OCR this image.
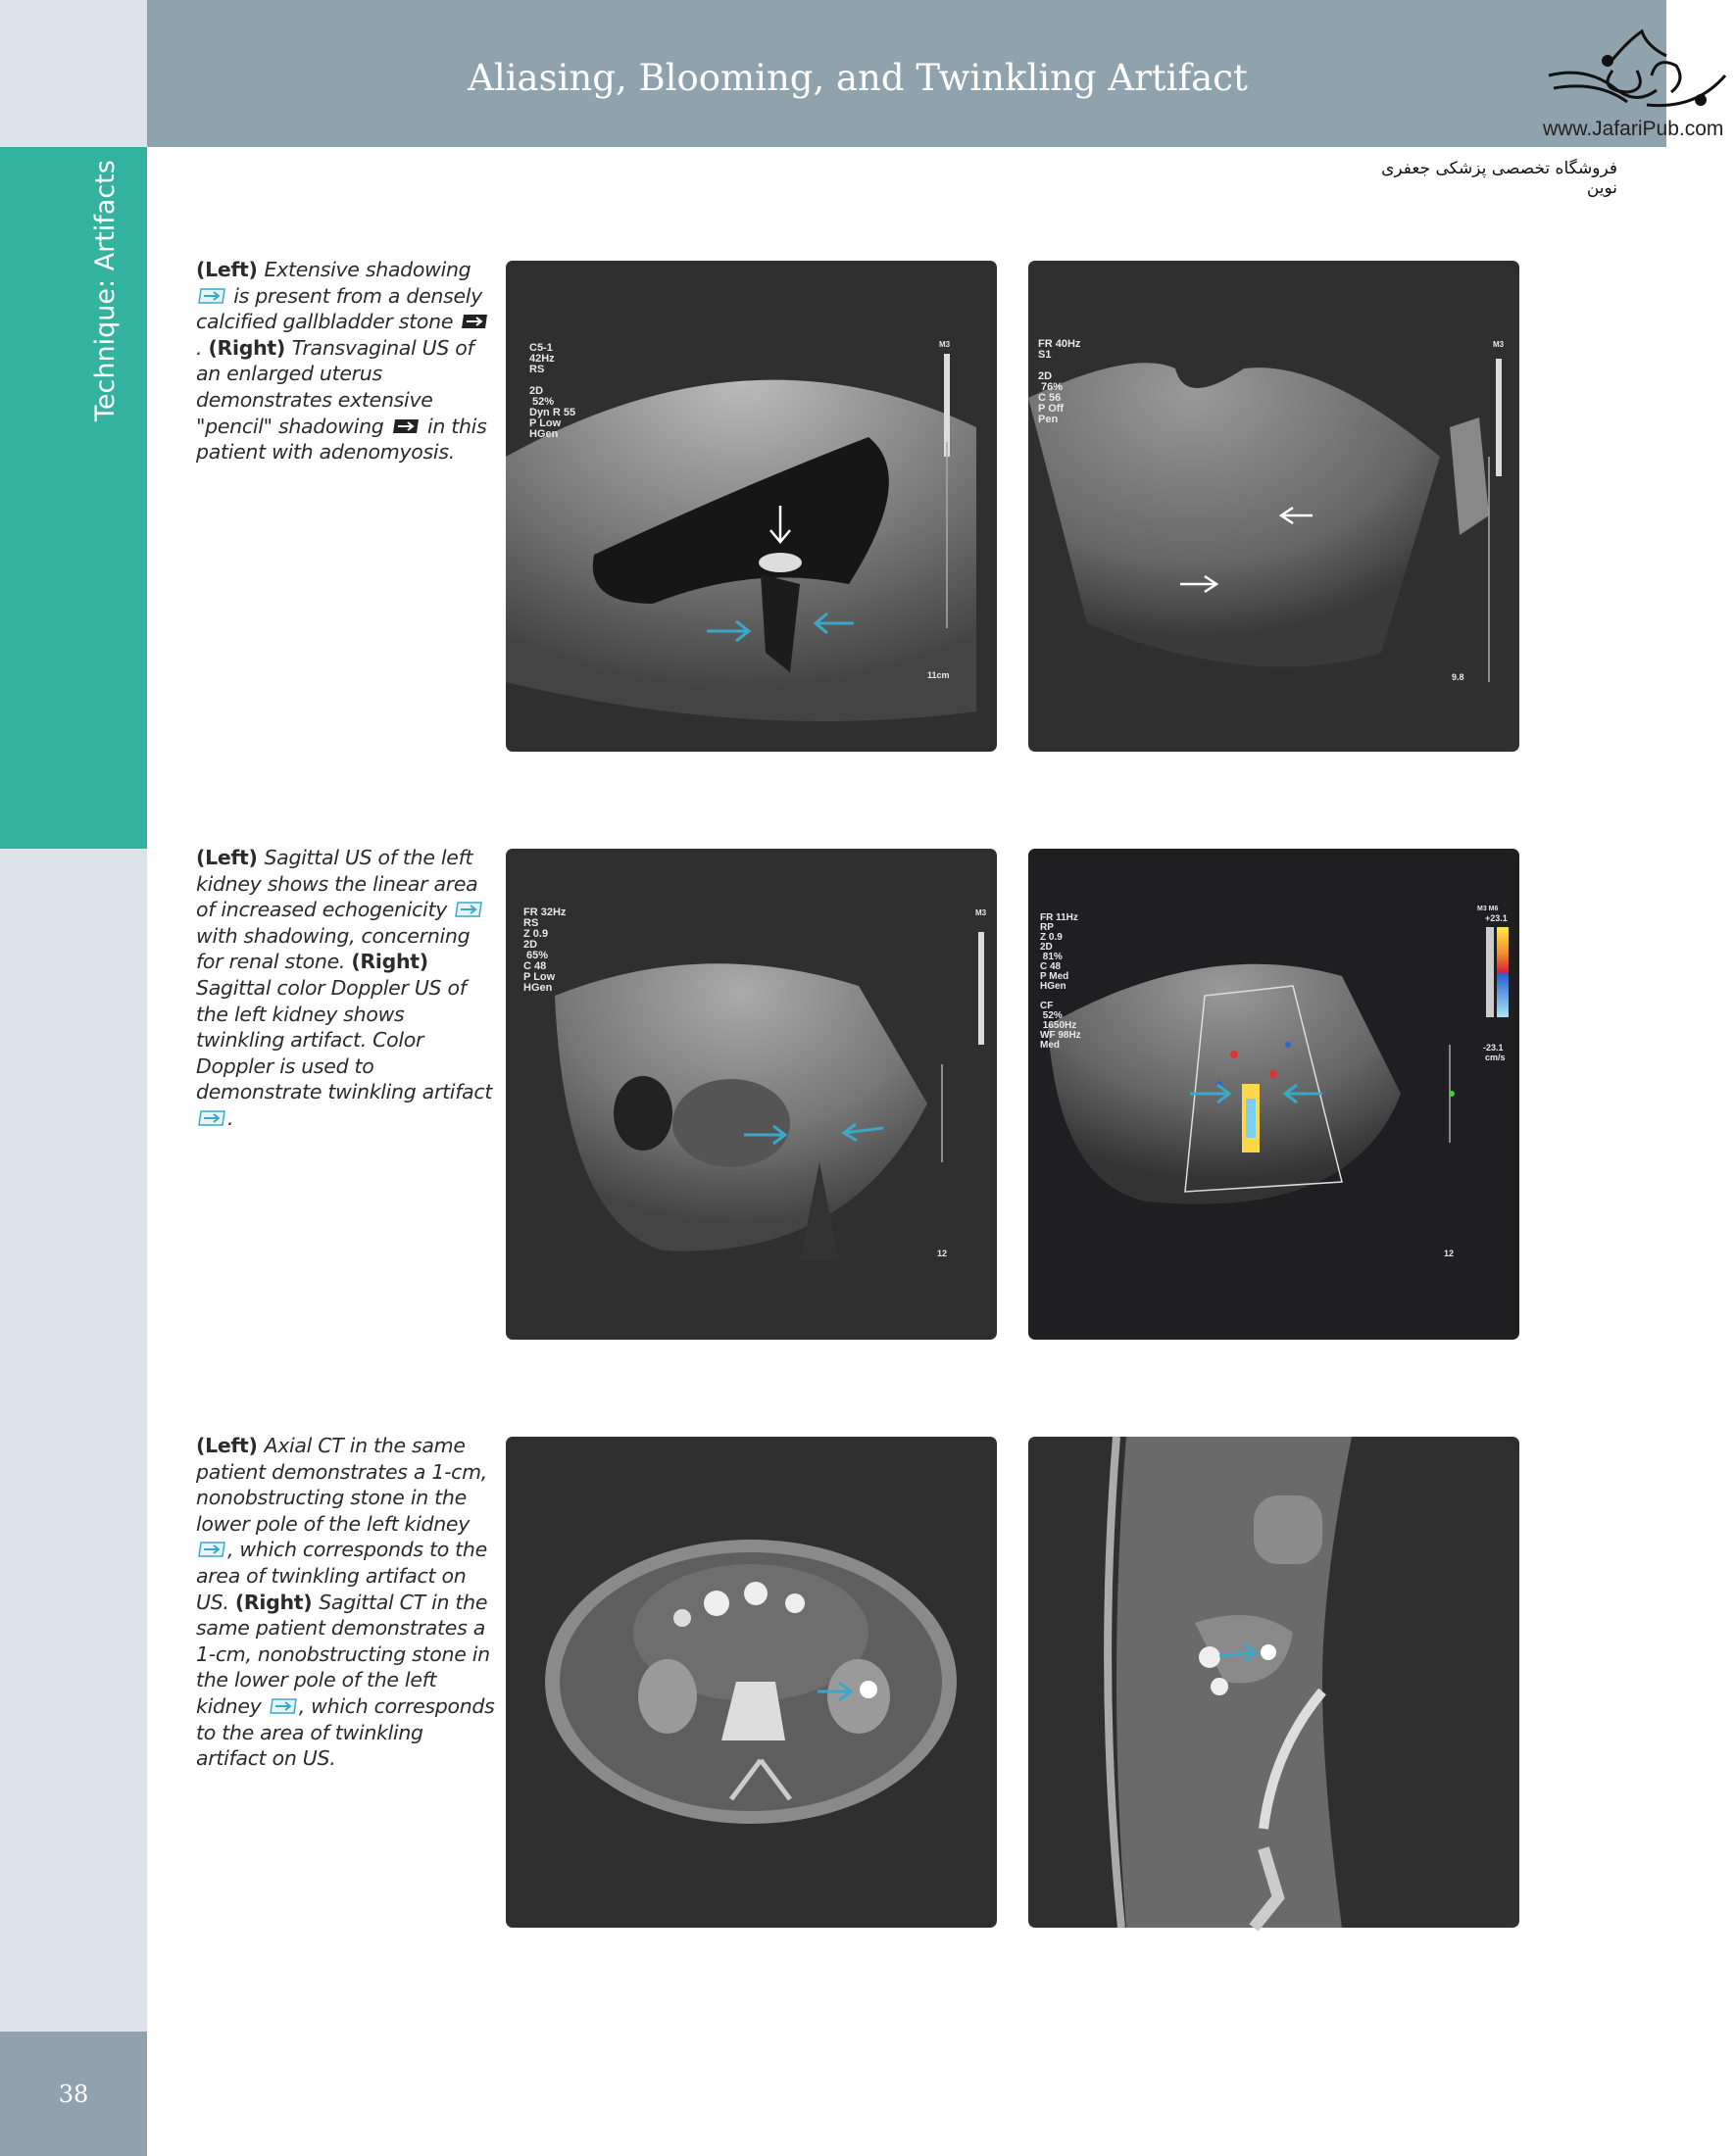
Technique: Artifacts
38
Aliasing, Blooming, and Twinkling Artifact
www.JafariPub.com
فروشگاه تخصصی پزشکی جعفری نوین
(Left) Extensive shadowing  is present from a densely calcified gallbladder stone . (Right) Transvaginal US of an enlarged uterus demonstrates extensive "pencil" shadowing  in this patient with adenomyosis.
(Left) Sagittal US of the left kidney shows the linear area of increased echogenicity  with shadowing, concerning for renal stone. (Right) Sagittal color Doppler US of the left kidney shows twinkling artifact. Color Doppler is used to demonstrate twinkling artifact .
(Left) Axial CT in the same patient demonstrates a 1-cm, nonobstructing stone in the lower pole of the left kidney , which corresponds to the area of twinkling artifact on US. (Right) Sagittal CT in the same patient demonstrates a 1-cm, nonobstructing stone in the lower pole of the left kidney , which corresponds to the area of twinkling artifact on US.
C5-1
42Hz
RS

2D
52%
Dyn R 55
P Low
HGen
M3
11cm
FR 40Hz
S1

2D
76%
C 56
P Off
Pen
M3
9.8
FR 32Hz
RS
Z 0.9
2D
65%
C 48
P Low
HGen
M3
12
FR 11Hz
RP
Z 0.9
2D
81%
C 48
P Med
HGen

CF
52%
1650Hz
WF 98Hz
Med
M3 M6
+23.1
-23.1
cm/s
12
